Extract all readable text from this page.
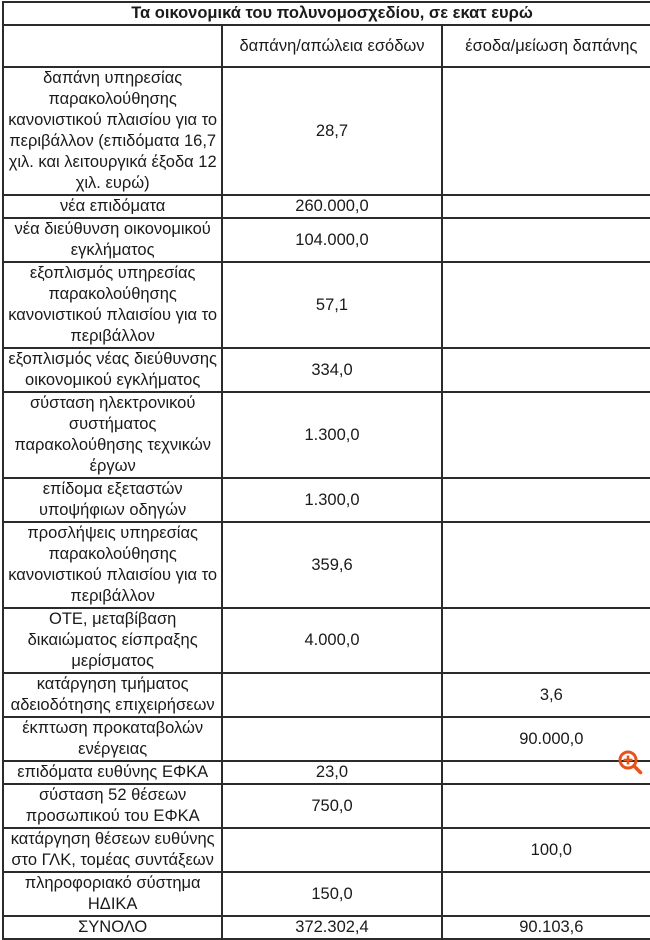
Τα οικονομικά του πολυνομοσχεδίου, σε εκατ ευρώ		
	δαπάνη/απώλεια εσόδων	έσοδα/μείωση δαπάνης
δαπάνη υπηρεσίας παρακολούθησης κανονιστικού πλαισίου για το περιβάλλον (επιδόματα 16,7 χιλ. και λειτουργικά έξοδα 12 χιλ. ευρώ)	28,7	
νέα επιδόματα	260.000,0	
νέα διεύθυνση οικονομικού εγκλήματος	104.000,0	
εξοπλισμός υπηρεσίας παρακολούθησης κανονιστικού πλαισίου για το περιβάλλον	57,1	
εξοπλισμός νέας διεύθυνσης οικονομικού εγκλήματος	334,0	
σύσταση ηλεκτρονικού συστήματος παρακολούθησης τεχνικών έργων	1.300,0	
επίδομα εξεταστών υποψήφιων οδηγών	1.300,0	
προσλήψεις υπηρεσίας παρακολούθησης κανονιστικού πλαισίου για το περιβάλλον	359,6	
ΟΤΕ, μεταβίβαση δικαιώματος είσπραξης μερίσματος	4.000,0	
κατάργηση τμήματος αδειοδότησης επιχειρήσεων		3,6
έκπτωση προκαταβολών ενέργειας		90.000,0
επιδόματα ευθύνης ΕΦΚΑ	23,0	
σύσταση 52 θέσεων προσωπικού του ΕΦΚΑ	750,0	
κατάργηση θέσεων ευθύνης στο ΓΛΚ, τομέας συντάξεων		100,0
πληροφοριακό σύστημα ΗΔΙΚΑ	150,0	
ΣΥΝΟΛΟ	372.302,4	90.103,6
